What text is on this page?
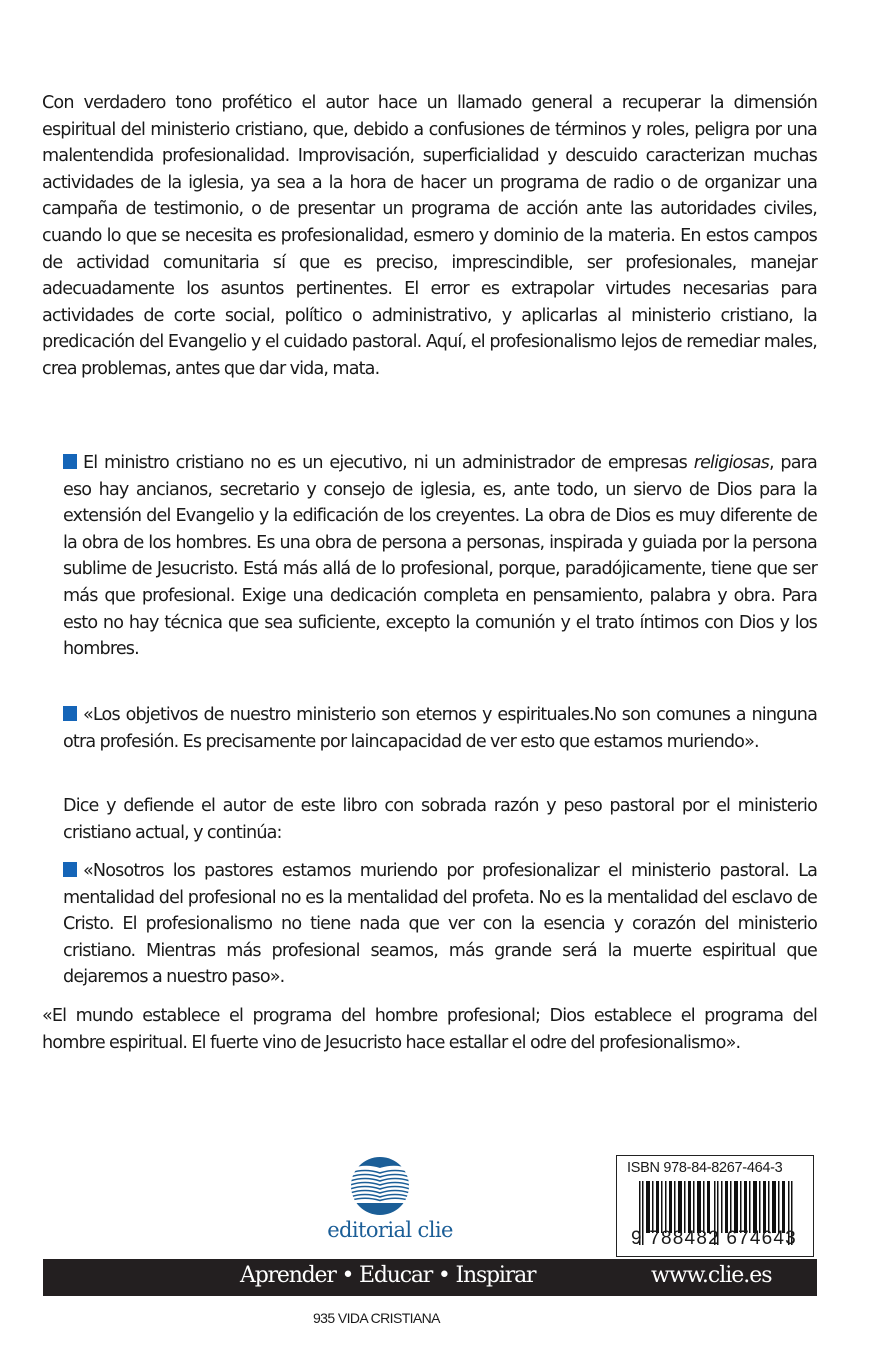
Con verdadero tono profético el autor hace un llamado general a recuperar la dimensión espiritual del ministerio cristiano, que, debido a confusiones de términos y roles, peligra por una malentendida profesionalidad. Improvisación, superficialidad y descuido caracterizan muchas actividades de la iglesia, ya sea a la hora de hacer un programa de radio o de organizar una campaña de testimonio, o de presentar un programa de acción ante las autoridades civiles, cuando lo que se necesita es profesionalidad, esmero y dominio de la materia. En estos campos de actividad comunitaria sí que es preciso, imprescindible, ser profesionales, manejar adecuadamente los asuntos pertinentes. El error es extrapolar virtudes necesarias para actividades de corte social, político o administrativo, y aplicarlas al ministerio cristiano, la predicación del Evangelio y el cuidado pastoral. Aquí, el profesionalismo lejos de remediar males, crea problemas, antes que dar vida, mata.

El ministro cristiano no es un ejecutivo, ni un administrador de empresas religiosas, para eso hay ancianos, secretario y consejo de iglesia, es, ante todo, un siervo de Dios para la extensión del Evangelio y la edificación de los creyentes. La obra de Dios es muy diferente de la obra de los hombres. Es una obra de persona a personas, inspirada y guiada por la persona sublime de Jesucristo. Está más allá de lo profesional, porque, paradójicamente, tiene que ser más que profesional. Exige una dedicación completa en pensamiento, palabra y obra. Para esto no hay técnica que sea suficiente, excepto la comunión y el trato íntimos con Dios y los hombres.

«Los objetivos de nuestro ministerio son eternos y espirituales.No son comunes a ninguna otra profesión. Es precisamente por laincapacidad de ver esto que estamos muriendo».

Dice y defiende el autor de este libro con sobrada razón y peso pastoral por el ministerio cristiano actual, y continúa:

«Nosotros los pastores estamos muriendo por profesionalizar el ministerio pastoral. La mentalidad del profesional no es la mentalidad del profeta. No es la mentalidad del esclavo de Cristo. El profesionalismo no tiene nada que ver con la esencia y corazón del ministerio cristiano. Mientras más profesional seamos, más grande será la muerte espiritual que dejaremos a nuestro paso».

«El mundo establece el programa del hombre profesional; Dios establece el programa del hombre espiritual. El fuerte vino de Jesucristo hace estallar el odre del profesionalismo».

editorial clie
ISBN 978-84-8267-464-3
9 788482 674643
Aprender • Educar • Inspirar	www.clie.es
935 VIDA CRISTIANA
